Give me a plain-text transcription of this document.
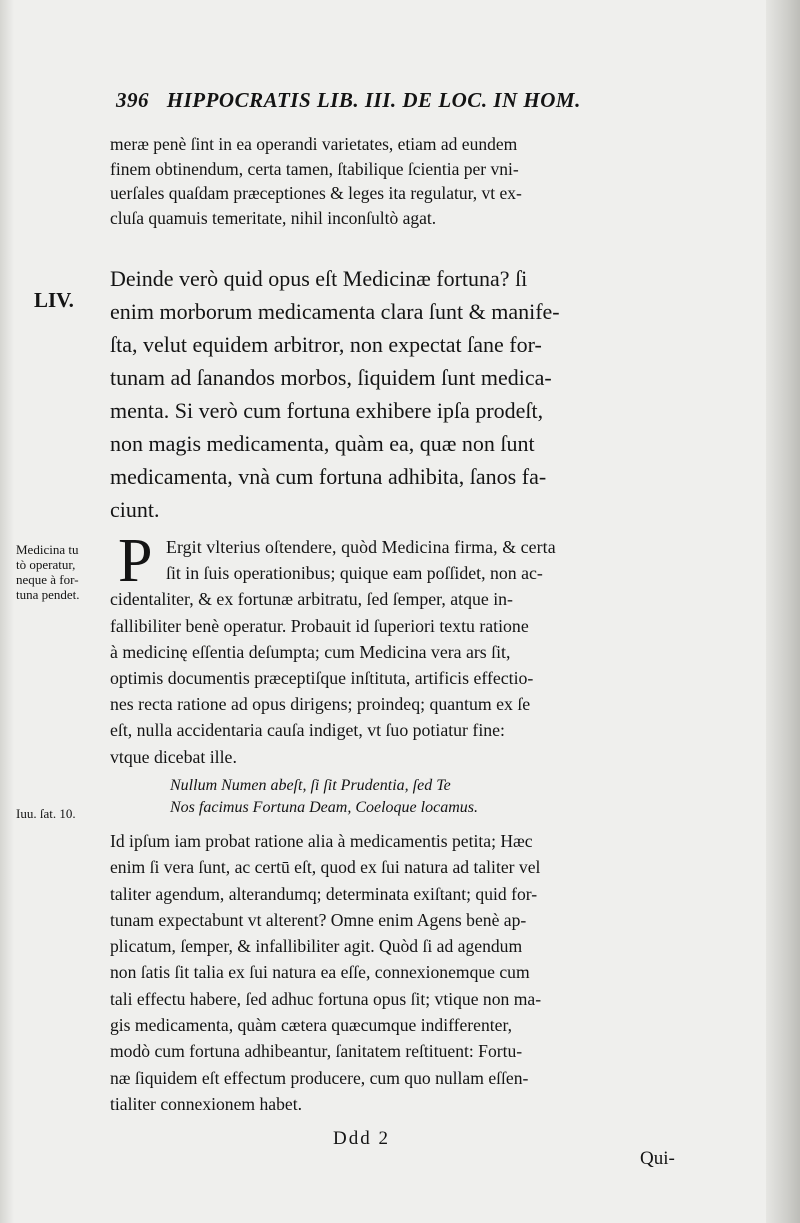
396 HIPPOCRATIS LIB. III. DE LOC. IN HOM.

meræ penè ſint in ea operandi varietates, etiam ad eundem

finem obtinendum, certa tamen, ſtabilique ſcientia per vni-

uerſales quaſdam præceptiones & leges ita regulatur, vt ex-

cluſa quamuis temeritate, nihil inconſultò agat.

LIV.

Deinde verò quid opus eſt Medicinæ fortuna? ſi

enim morborum medicamenta clara ſunt & manife-

ſta, velut equidem arbitror, non expectat ſane for-

tunam ad ſanandos morbos, ſiquidem ſunt medica-

menta. Si verò cum fortuna exhibere ipſa prodeſt,

non magis medicamenta, quàm ea, quæ non ſunt

medicamenta, vnà cum fortuna adhibita, ſanos fa-

ciunt.

Medicina tu
tò operatur,
neque à for-
tuna pendet. P Ergit vlterius oſtendere, quòd Medicina firma, & certa

ſit in ſuis operationibus; quique eam poſſidet, non ac-

cidentaliter, & ex fortunæ arbitratu, ſed ſemper, atque in-

fallibiliter benè operatur. Probauit id ſuperiori textu ratione

à medicinę eſſentia deſumpta; cum Medicina vera ars ſit,

optimis documentis præceptiſque inſtituta, artificis effectio-

nes recta ratione ad opus dirigens; proindeq; quantum ex ſe

eſt, nulla accidentaria cauſa indiget, vt ſuo potiatur fine:

vtque dicebat ille.

Iuu. ſat. 10.

Nullum Numen abeſt, ſi ſit Prudentia, ſed Te

Nos facimus Fortuna Deam, Coeloque locamus.

Id ipſum iam probat ratione alia à medicamentis petita; Hæc

enim ſi vera ſunt, ac certū eſt, quod ex ſui natura ad taliter vel

taliter agendum, alterandumq; determinata exiſtant; quid for-

tunam expectabunt vt alterent? Omne enim Agens benè ap-

plicatum, ſemper, & infallibiliter agit. Quòd ſi ad agendum

non ſatis ſit talia ex ſui natura ea eſſe, connexionemque cum

tali effectu habere, ſed adhuc fortuna opus ſit; vtique non ma-

gis medicamenta, quàm cætera quæcumque indifferenter,

modò cum fortuna adhibeantur, ſanitatem reſtituent: Fortu-

næ ſiquidem eſt effectum producere, cum quo nullam eſſen-

tialiter connexionem habet.

Ddd 2
Qui-
